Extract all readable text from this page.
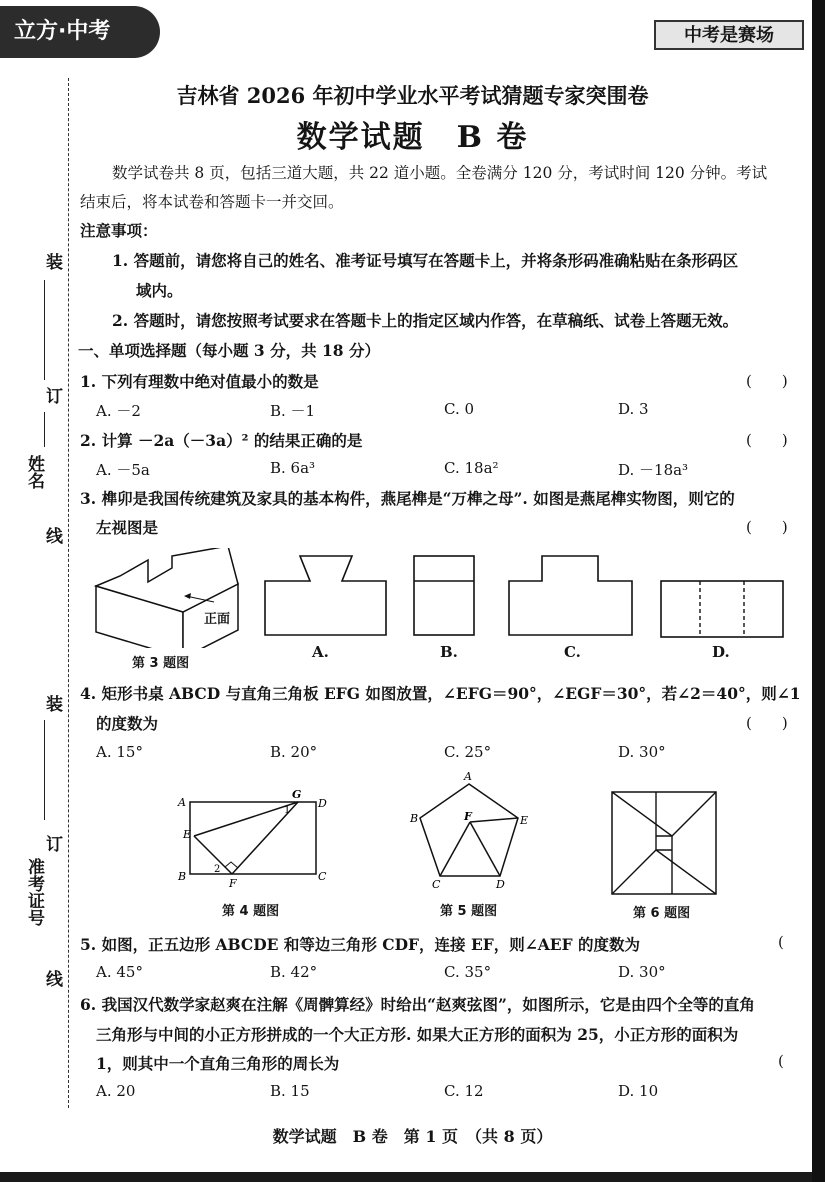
立方·中考	中考是赛场
装
订
线
装
订
线
姓名
准考证号
吉林省 2026 年初中学业水平考试猜题专家突围卷
数学试题　B 卷
数学试卷共 8 页，包括三道大题，共 22 道小题。全卷满分 120 分，考试时间 120 分钟。考试
结束后，将本试卷和答题卡一并交回。
注意事项：
1. 答题前，请您将自己的姓名、准考证号填写在答题卡上，并将条形码准确粘贴在条形码区
域内。
2. 答题时，请您按照考试要求在答题卡上的指定区域内作答，在草稿纸、试卷上答题无效。
一、单项选择题（每小题 3 分，共 18 分）
1. 下列有理数中绝对值最小的数是	(　　)
A. －2	B. －1	C. 0	D. 3
2. 计算 －2a（－3a）² 的结果正确的是	(　　)
A. －5a	B. 6a³	C. 18a²	D. －18a³
3. 榫卯是我国传统建筑及家具的基本构件，燕尾榫是“万榫之母”. 如图是燕尾榫实物图，则它的
左视图是	(　　)
正面
第 3 题图
A.	B.	C.	D.
4. 矩形书桌 ABCD 与直角三角板 EFG 如图放置，∠EFG＝90°，∠EGF＝30°，若∠2＝40°，则∠1
的度数为	(　　)
A. 15°	B. 20°	C. 25°	D. 30°
A
G
D
E
1
2
B
F
C
第 4 题图
A
B	E
F
C	D
第 5 题图	第 6 题图
5. 如图，正五边形 ABCDE 和等边三角形 CDF，连接 EF，则∠AEF 的度数为	(
A. 45°	B. 42°	C. 35°	D. 30°
6. 我国汉代数学家赵爽在注解《周髀算经》时给出“赵爽弦图”，如图所示，它是由四个全等的直角
三角形与中间的小正方形拼成的一个大正方形. 如果大正方形的面积为 25，小正方形的面积为
1，则其中一个直角三角形的周长为	(
A. 20	B. 15	C. 12	D. 10
数学试题　B 卷　第 1 页　（共 8 页）
